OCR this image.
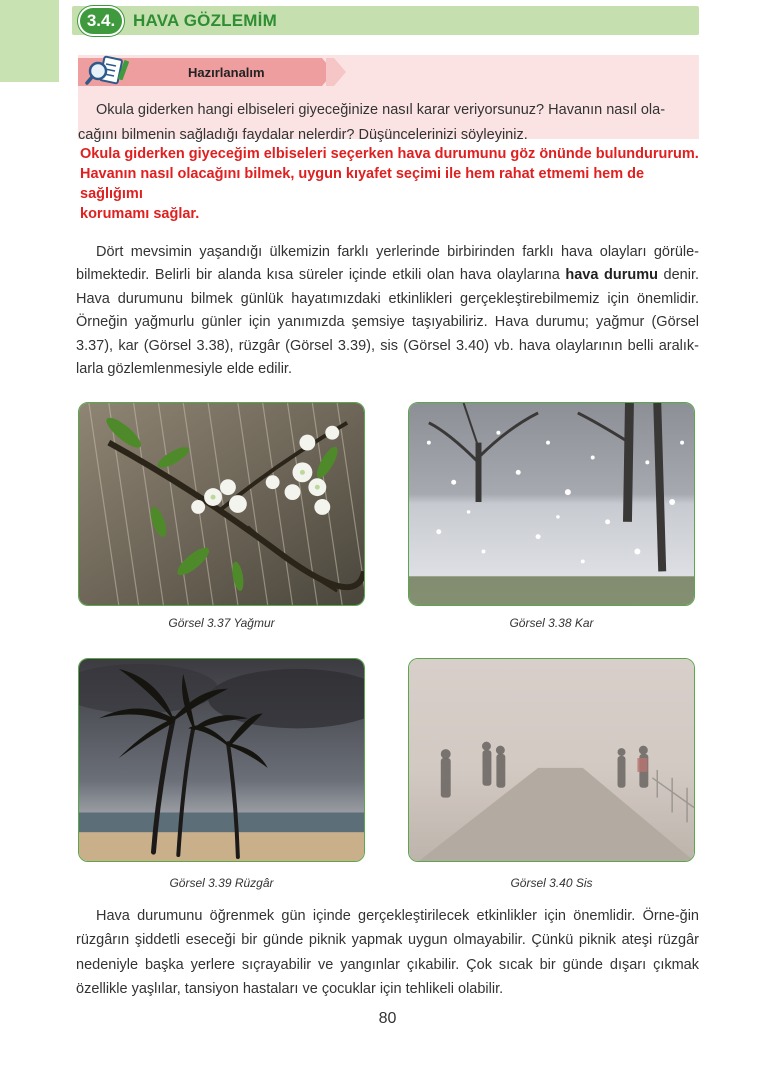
3.4.	HAVA GÖZLEMİM
Hazırlanalım
Okula giderken hangi elbiseleri giyeceğinize nasıl karar veriyorsunuz? Havanın nasıl ola-
cağını bilmenin sağladığı faydalar nelerdir? Düşüncelerinizi söyleyiniz.
Okula giderken giyeceğim elbiseleri seçerken hava durumunu göz önünde bulundururum.
Havanın nasıl olacağını bilmek, uygun kıyafet seçimi ile hem rahat etmemi hem de sağlığımı
korumamı sağlar.
Dört mevsimin yaşandığı ülkemizin farklı yerlerinde birbirinden farklı hava olayları görüle-bilmektedir. Belirli bir alanda kısa süreler içinde etkili olan hava olaylarına hava durumu denir. Hava durumunu bilmek günlük hayatımızdaki etkinlikleri gerçekleştirebilmemiz için önemlidir. Örneğin yağmurlu günler için yanımızda şemsiye taşıyabiliriz. Hava durumu; yağmur (Görsel 3.37), kar (Görsel 3.38), rüzgâr (Görsel 3.39), sis (Görsel 3.40) vb. hava olaylarının belli aralık-larla gözlemlenmesiyle elde edilir.
Görsel 3.37 Yağmur	Görsel 3.38 Kar
Görsel 3.39 Rüzgâr	Görsel 3.40 Sis
Hava durumunu öğrenmek gün içinde gerçekleştirilecek etkinlikler için önemlidir. Örne-ğin rüzgârın şiddetli eseceği bir günde piknik yapmak uygun olmayabilir. Çünkü piknik ateşi rüzgâr nedeniyle başka yerlere sıçrayabilir ve yangınlar çıkabilir. Çok sıcak bir günde dışarı çıkmak özellikle yaşlılar, tansiyon hastaları ve çocuklar için tehlikeli olabilir.
80
